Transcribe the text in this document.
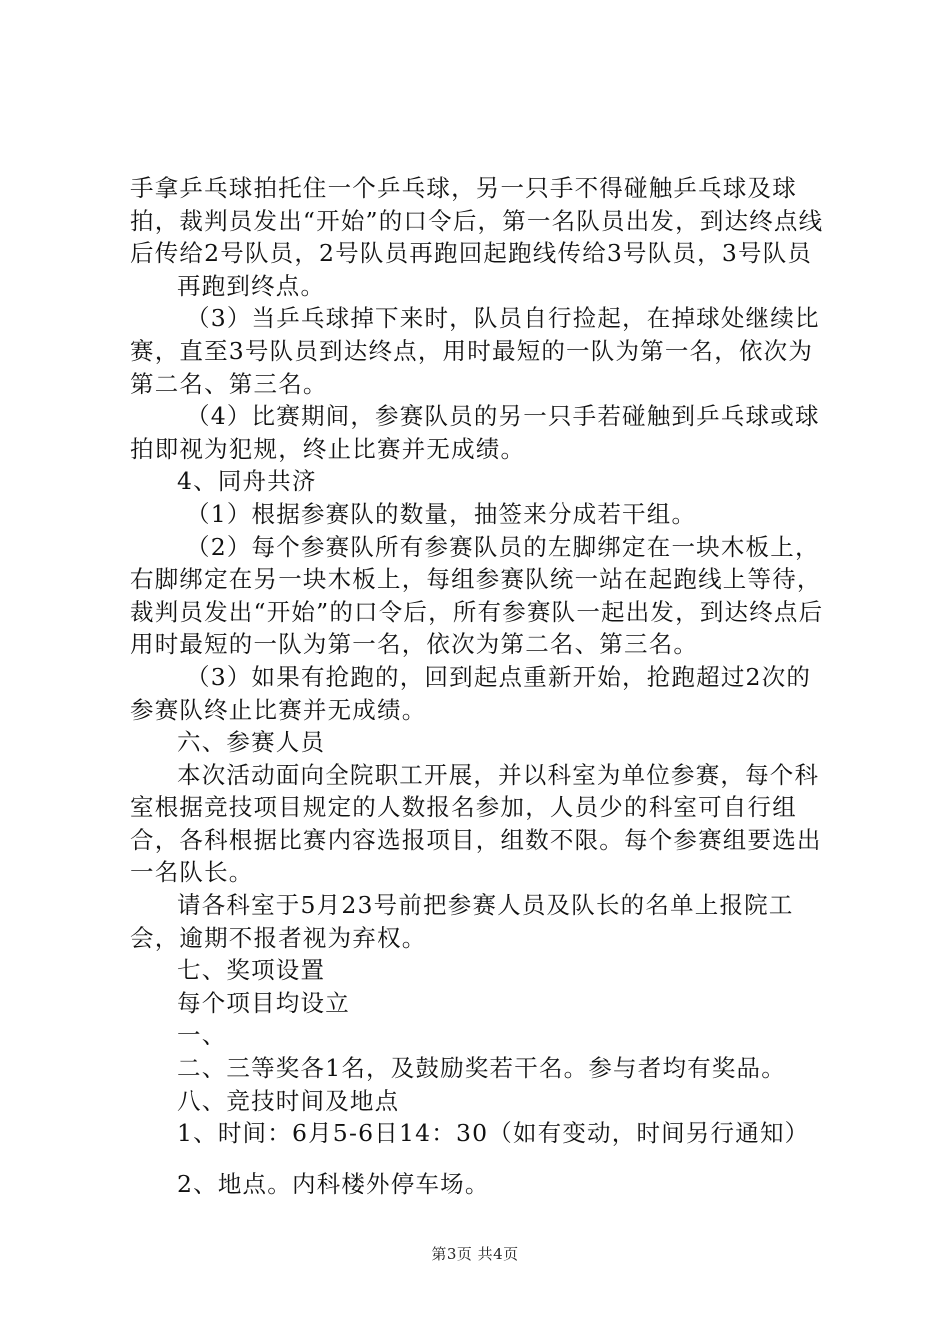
手拿乒乓球拍托住一个乒乓球，另一只手不得碰触乒乓球及球拍，裁判员发出“开始”的口令后，第一名队员出发，到达终点线后传给2号队员，2号队员再跑回起跑线传给3号队员，3号队员

再跑到终点。

（3）当乒乓球掉下来时，队员自行捡起，在掉球处继续比赛，直至3号队员到达终点，用时最短的一队为第一名，依次为第二名、第三名。

（4）比赛期间，参赛队员的另一只手若碰触到乒乓球或球拍即视为犯规，终止比赛并无成绩。

4、同舟共济

（1）根据参赛队的数量，抽签来分成若干组。

（2）每个参赛队所有参赛队员的左脚绑定在一块木板上，右脚绑定在另一块木板上，每组参赛队统一站在起跑线上等待，裁判员发出“开始”的口令后，所有参赛队一起出发，到达终点后用时最短的一队为第一名，依次为第二名、第三名。

（3）如果有抢跑的，回到起点重新开始，抢跑超过2次的参赛队终止比赛并无成绩。

六、参赛人员

本次活动面向全院职工开展，并以科室为单位参赛，每个科室根据竞技项目规定的人数报名参加，人员少的科室可自行组合，各科根据比赛内容选报项目，组数不限。每个参赛组要选出一名队长。

请各科室于5月23号前把参赛人员及队长的名单上报院工会，逾期不报者视为弃权。

七、奖项设置

每个项目均设立

一、

二、三等奖各1名，及鼓励奖若干名。参与者均有奖品。

八、竞技时间及地点

1、时间：6月5-6日14：30（如有变动，时间另行通知）

2、地点。内科楼外停车场。

第3页 共4页
